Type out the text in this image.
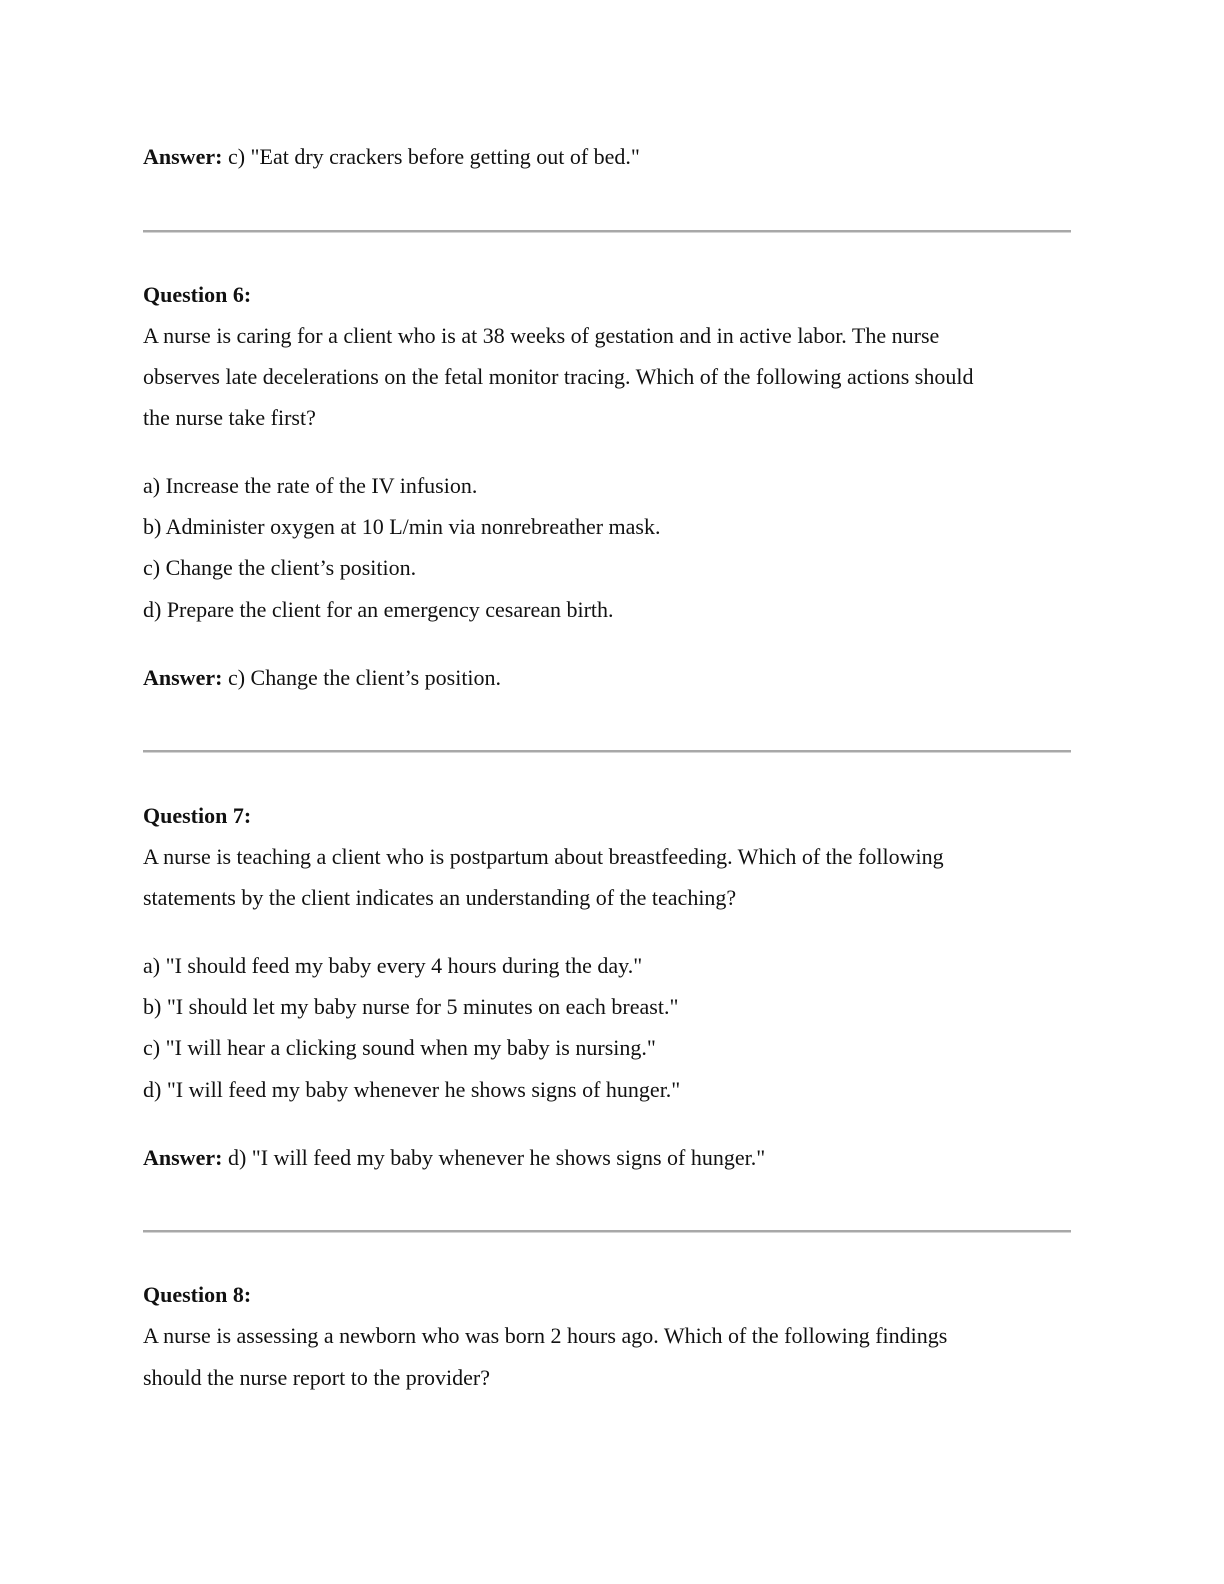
Answer: c) "Eat dry crackers before getting out of bed."
Question 6:
A nurse is caring for a client who is at 38 weeks of gestation and in active labor. The nurse
observes late decelerations on the fetal monitor tracing. Which of the following actions should
the nurse take first?
a) Increase the rate of the IV infusion.
b) Administer oxygen at 10 L/min via nonrebreather mask.
c) Change the client’s position.
d) Prepare the client for an emergency cesarean birth.
Answer: c) Change the client’s position.
Question 7:
A nurse is teaching a client who is postpartum about breastfeeding. Which of the following
statements by the client indicates an understanding of the teaching?
a) "I should feed my baby every 4 hours during the day."
b) "I should let my baby nurse for 5 minutes on each breast."
c) "I will hear a clicking sound when my baby is nursing."
d) "I will feed my baby whenever he shows signs of hunger."
Answer: d) "I will feed my baby whenever he shows signs of hunger."
Question 8:
A nurse is assessing a newborn who was born 2 hours ago. Which of the following findings
should the nurse report to the provider?
